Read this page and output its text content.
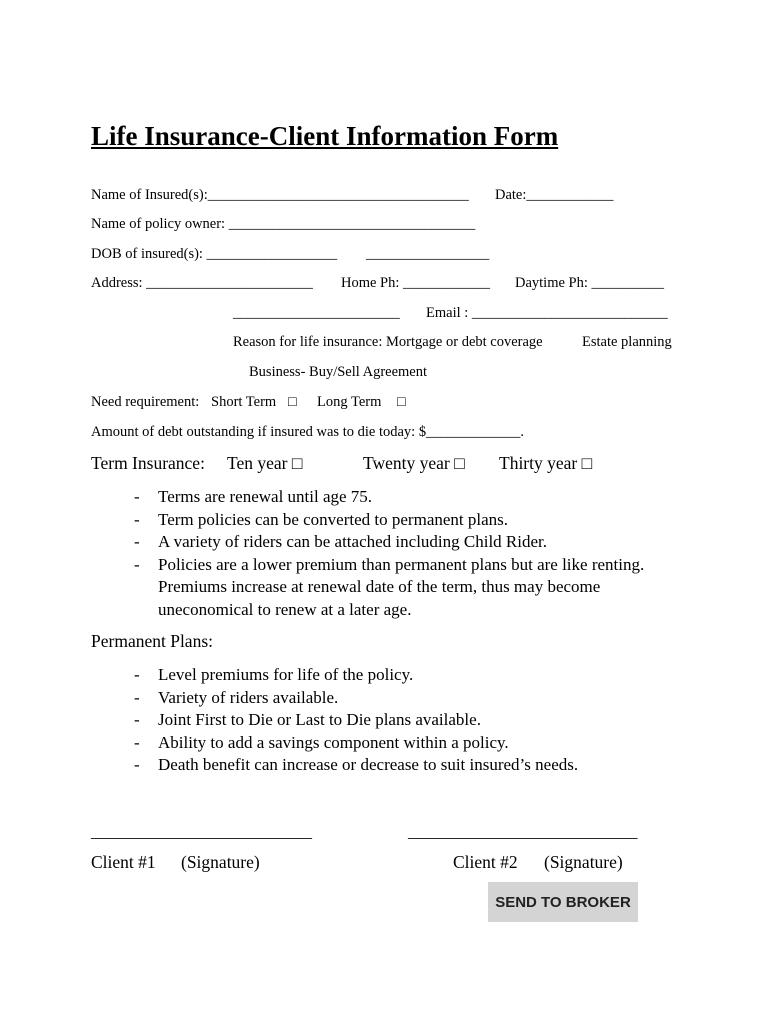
Life Insurance-Client Information Form
Name of Insured(s):____________________________________ Date:____________
Name of policy owner: __________________________________
DOB of insured(s): __________________ _________________
Address: _______________________ Home Ph: ____________ Daytime Ph: __________
_______________________ Email : ___________________________
Reason for life insurance: Mortgage or debt coverage	Estate planning
Business- Buy/Sell Agreement
Need requirement: Short Term □ Long Term □
Amount of debt outstanding if insured was to die today: $_____________.
Term Insurance: Ten year □	Twenty year □ Thirty year □
- Terms are renewal until age 75.
- Term policies can be converted to permanent plans.
- A variety of riders can be attached including Child Rider.
- Policies are a lower premium than permanent plans but are like renting.
Premiums increase at renewal date of the term, thus may become
uneconomical to renew at a later age.
Permanent Plans:
- Level premiums for life of the policy.
- Variety of riders available.
- Joint First to Die or Last to Die plans available.
- Ability to add a savings component within a policy.
- Death benefit can increase or decrease to suit insured’s needs.
__________________________	___________________________
Client #1 (Signature)	Client #2 (Signature)
SEND TO BROKER
